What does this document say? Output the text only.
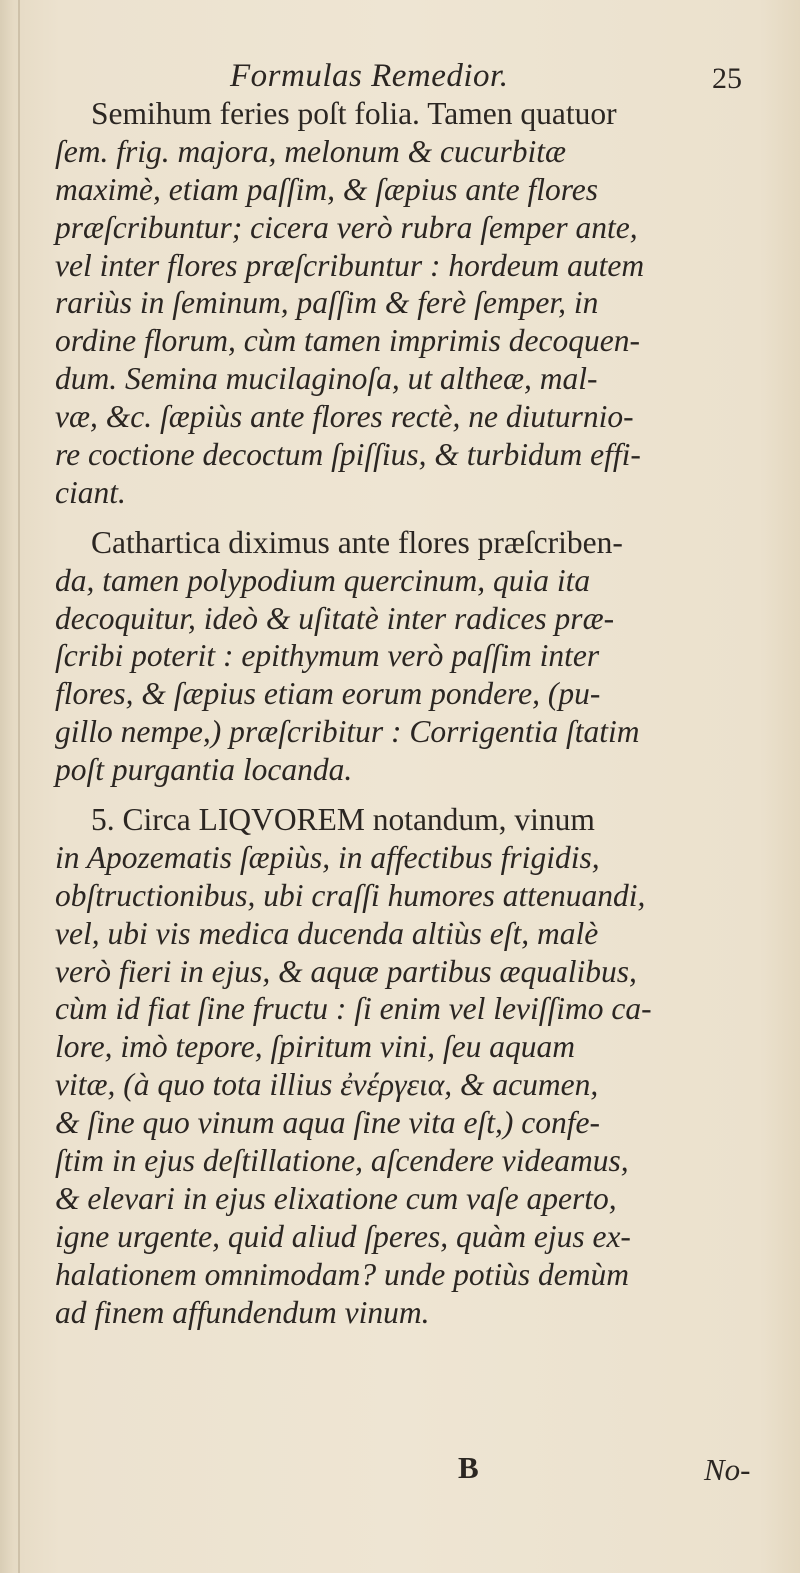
Formulas Remedior.	25
Semihum feries poſt folia. Tamen quatuor
ſem. frig. majora, melonum & cucurbitæ
maximè, etiam paſſim, & ſæpius ante flores
præſcribuntur; cicera verò rubra ſemper ante,
vel inter flores præſcribuntur : hordeum autem
rariùs in ſeminum, paſſim & ferè ſemper, in
ordine florum, cùm tamen imprimis decoquen-
dum. Semina mucilaginoſa, ut altheæ, mal-
væ, &c. ſæpiùs ante flores rectè, ne diuturnio-
re coctione decoctum ſpiſſius, & turbidum effi-
ciant.
Cathartica diximus ante flores præſcriben-
da, tamen polypodium quercinum, quia ita
decoquitur, ideò & uſitatè inter radices præ-
ſcribi poterit : epithymum verò paſſim inter
flores, & ſæpius etiam eorum pondere, (pu-
gillo nempe,) præſcribitur : Corrigentia ſtatim
poſt purgantia locanda.
5. Circa LIQVOREM notandum, vinum
in Apozematis ſæpiùs, in affectibus frigidis,
obſtructionibus, ubi craſſi humores attenuandi,
vel, ubi vis medica ducenda altiùs eſt, malè
verò fieri in ejus, & aquæ partibus æqualibus,
cùm id fiat ſine fructu : ſi enim vel leviſſimo ca-
lore, imò tepore, ſpiritum vini, ſeu aquam
vitæ, (à quo tota illius ἐνέργεια, & acumen,
& ſine quo vinum aqua ſine vita eſt,) confe-
ſtim in ejus deſtillatione, aſcendere videamus,
& elevari in ejus elixatione cum vaſe aperto,
igne urgente, quid aliud ſperes, quàm ejus ex-
halationem omnimodam? unde potiùs demùm
ad finem affundendum vinum.
B	No-
